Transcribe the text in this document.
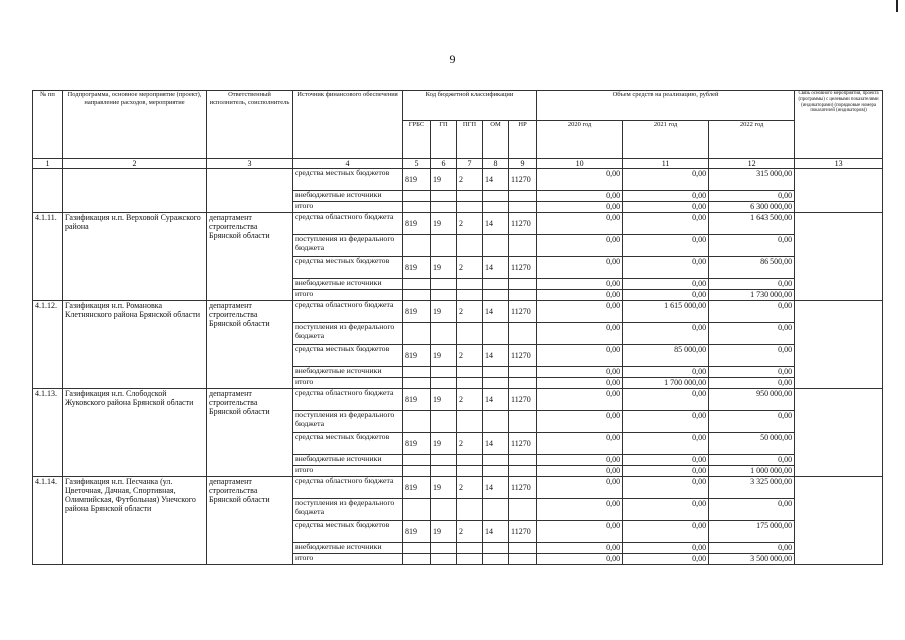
9
№ пп	Подпрограмма, основное мероприятие (проект), направление расходов, мероприятие	Ответственный исполнитель, соисполнитель	Источник финансового обеспечения	Код бюджетной классификации					Объем средств на реализацию, рублей			Связь основного мероприятия, проекта (программы) с целевыми показателями (индикаторами) (порядковые номера показателей (индикаторов))
				ГРБС	ГП	ПГП	ОМ	НР	2020 год	2021 год	2022 год	
1	2	3	4	5	6	7	8	9	10	11	12	13
			средства местных бюджетов	819	19	2	14	11270	0,00	0,00	315 000,00	
			внебюджетные источники						0,00	0,00	0,00	
			итого						0,00	0,00	6 300 000,00	
4.1.11.	Газификация н.п. Верховой Суражского района	департамент строительства Брянской области	средства областного бюджета	819	19	2	14	11270	0,00	0,00	1 643 500,00	
			поступления из федерального бюджета						0,00	0,00	0,00	
			средства местных бюджетов	819	19	2	14	11270	0,00	0,00	86 500,00	
			внебюджетные источники						0,00	0,00	0,00	
			итого						0,00	0,00	1 730 000,00	
4.1.12.	Газификация н.п. Романовка Клетнянского района Брянской области	департамент строительства Брянской области	средства областного бюджета	819	19	2	14	11270	0,00	1 615 000,00	0,00	
			поступления из федерального бюджета						0,00	0,00	0,00	
			средства местных бюджетов	819	19	2	14	11270	0,00	85 000,00	0,00	
			внебюджетные источники						0,00	0,00	0,00	
			итого						0,00	1 700 000,00	0,00	
4.1.13.	Газификация н.п. Слободской Жуковского района Брянской области	департамент строительства Брянской области	средства областного бюджета	819	19	2	14	11270	0,00	0,00	950 000,00	
			поступления из федерального бюджета						0,00	0,00	0,00	
			средства местных бюджетов	819	19	2	14	11270	0,00	0,00	50 000,00	
			внебюджетные источники						0,00	0,00	0,00	
			итого						0,00	0,00	1 000 000,00	
4.1.14.	Газификация н.п. Песчанка (ул. Цветочная, Дачная, Спортивная, Олимпийская, Футбольная) Унечского района Брянской области	департамент строительства Брянской области	средства областного бюджета	819	19	2	14	11270	0,00	0,00	3 325 000,00	
			поступления из федерального бюджета						0,00	0,00	0,00	
			средства местных бюджетов	819	19	2	14	11270	0,00	0,00	175 000,00	
			внебюджетные источники						0,00	0,00	0,00	
			итого						0,00	0,00	3 500 000,00	
